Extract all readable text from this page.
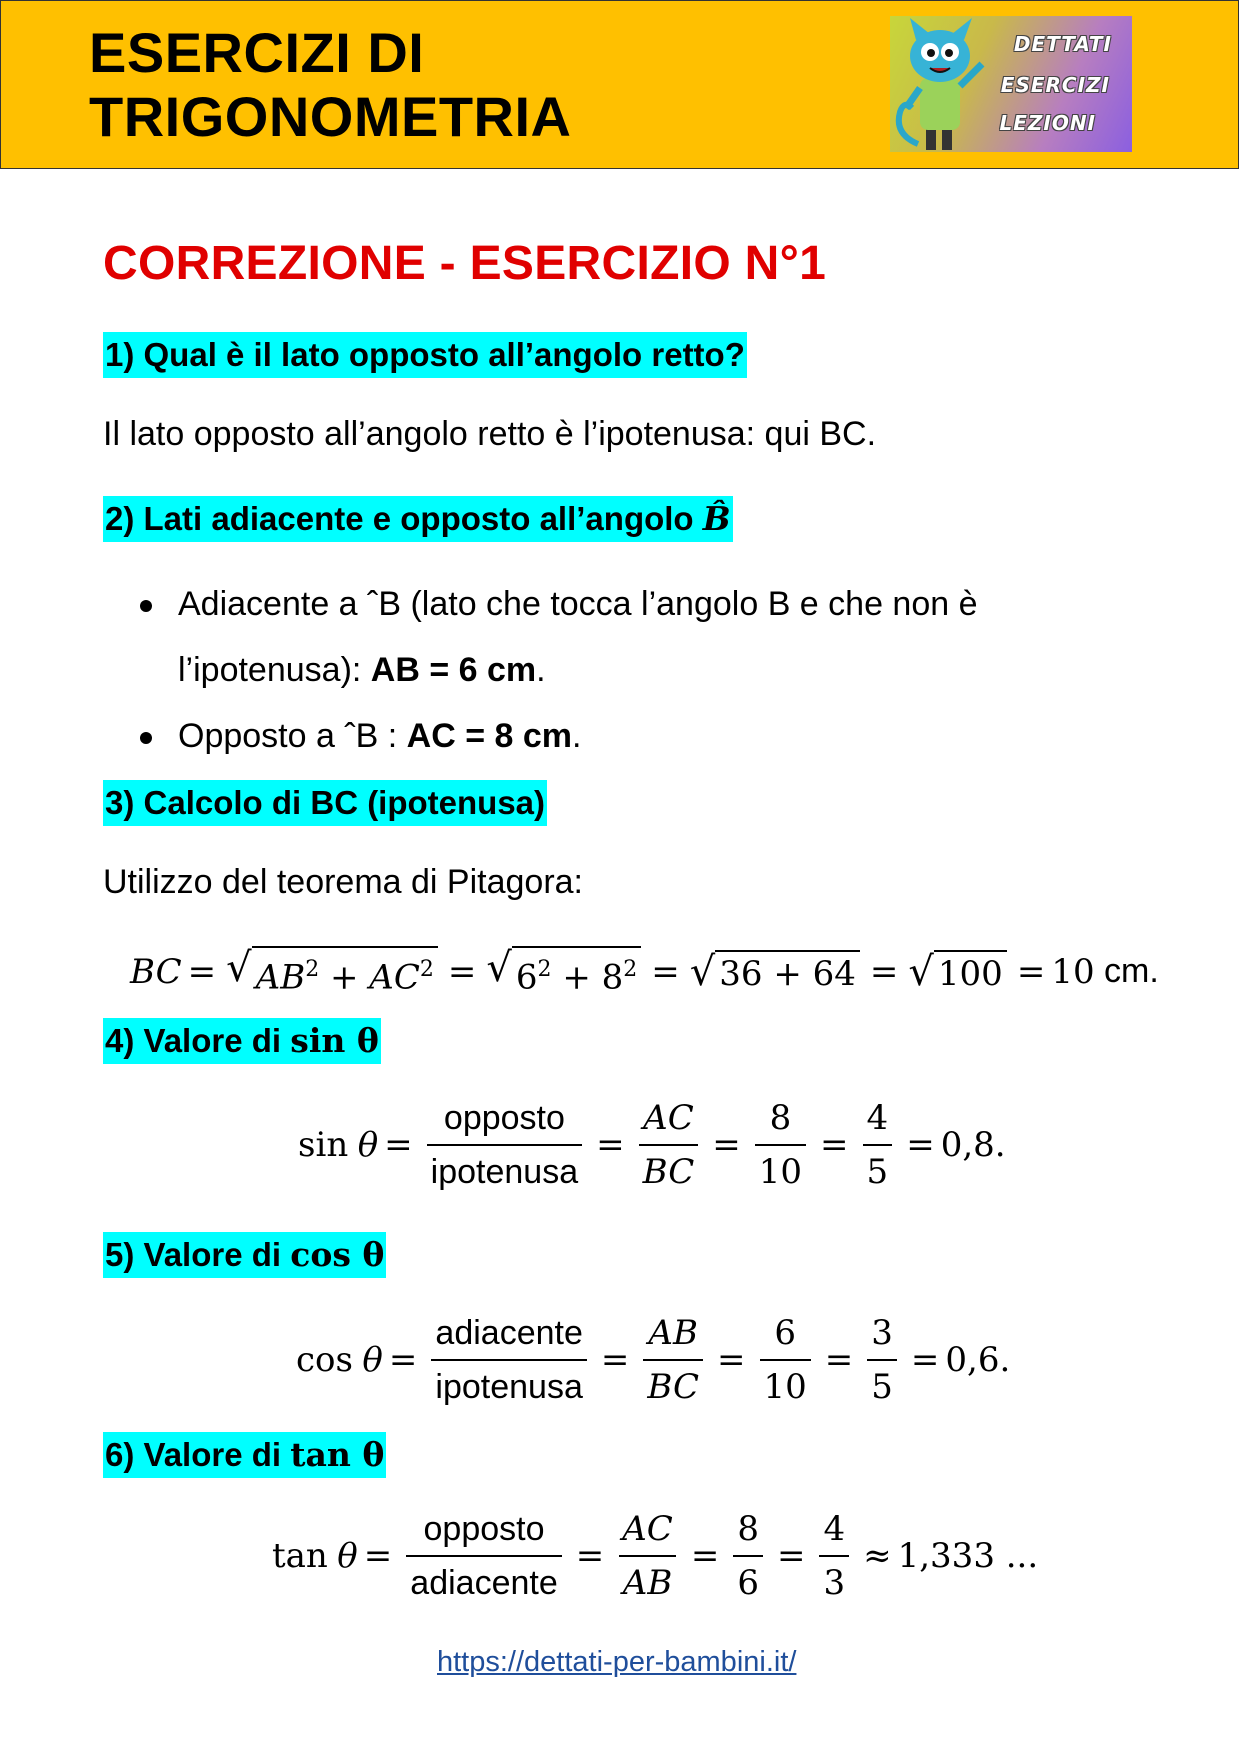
ESERCIZI DI
TRIGONOMETRIA
DETTATI
ESERCIZI
LEZIONI
CORREZIONE - ESERCIZIO N°1
1) Qual è il lato opposto all’angolo retto?
Il lato opposto all’angolo retto è l’ipotenusa: qui BC.
2) Lati adiacente e opposto all’angolo B̂
Adiacente a ˆB (lato che tocca l’angolo B e che non è
l’ipotenusa): AB = 6 cm.
Opposto a ˆB : AC = 8 cm.
3) Calcolo di BC (ipotenusa)
Utilizzo del teorema di Pitagora:
BC = √ $AB^2 + AC^2$ = √ $6^2 + 8^2$ = √ 36 + 64 = √ 100 = 10
cm.
4) Valore di sin θ
sin
$\theta = \frac{\text{opposto}}{\text{ipotenusa}} = \frac{AC}{BC} = \frac{8}{10} = \frac{4}{5} = 0,8$.
5) Valore di cos θ
cos
$\theta = \frac{\text{adiacente}}{\text{ipotenusa}} = \frac{AB}{BC} = \frac{6}{10} = \frac{3}{5} = 0,6$.
6) Valore di tan θ
tan
$\theta = \frac{\text{opposto}}{\text{adiacente}} = \frac{AC}{AB} = \frac{8}{6} = \frac{4}{3} \approx 1,333$ ...
https://dettati-per-bambini.it/
